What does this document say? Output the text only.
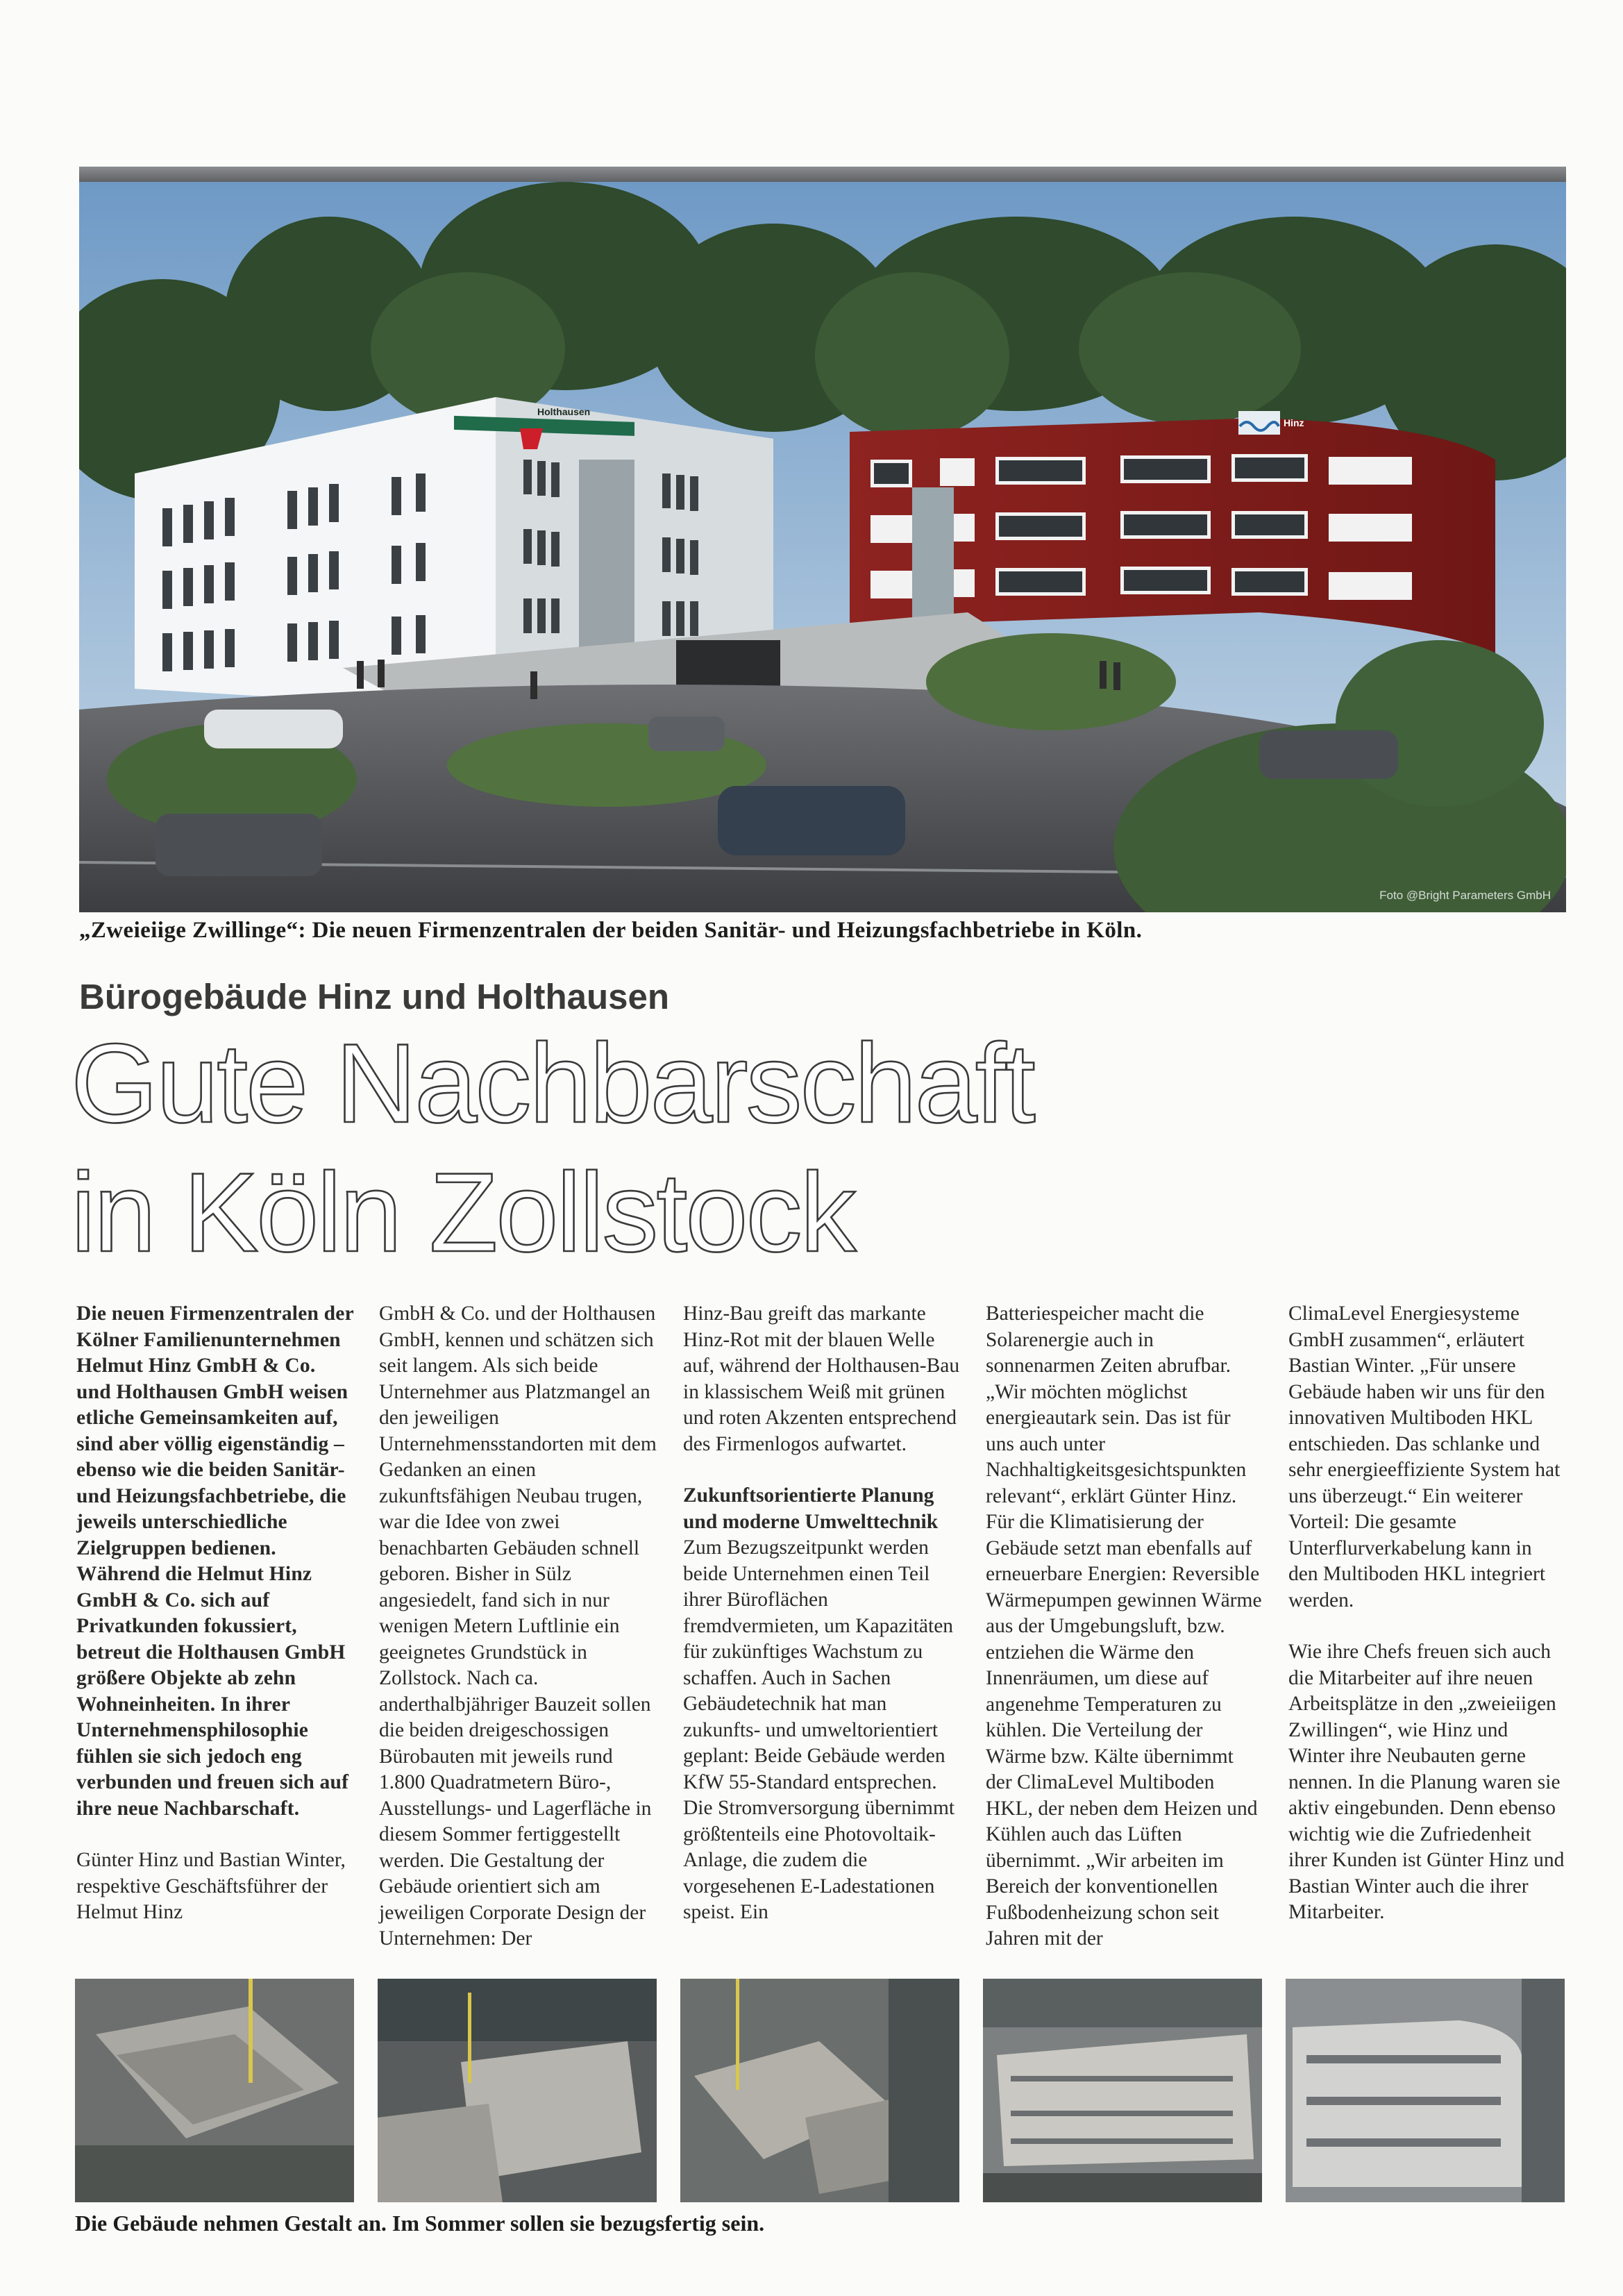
Holthausen
Hinz
Foto @Bright Parameters GmbH
„Zweieiige Zwillinge“: Die neuen Firmenzentralen der beiden Sanitär- und Heizungsfachbetriebe in Köln.
Bürogebäude Hinz und Holthausen
Gute Nachbarschaft
in Köln Zollstock

Die neuen Firmenzentralen der Kölner Familienunternehmen Helmut Hinz GmbH & Co. und Holthausen GmbH weisen etliche Gemeinsamkeiten auf, sind aber völlig eigenständig – ebenso wie die beiden Sanitär- und Heizungsfachbetriebe, die jeweils unterschiedliche Zielgruppen bedienen. Während die Helmut Hinz GmbH & Co. sich auf Privatkunden fokussiert, betreut die Holthausen GmbH größere Objekte ab zehn Wohneinheiten. In ihrer Unternehmensphilosophie fühlen sie sich jedoch eng verbunden und freuen sich auf ihre neue Nachbarschaft.

Günter Hinz und Bastian Winter, respektive Geschäftsführer der Helmut Hinz

GmbH & Co. und der Holthausen GmbH, kennen und schätzen sich seit langem. Als sich beide Unternehmer aus Platzmangel an den jeweiligen Unternehmensstandorten mit dem Gedanken an einen zukunftsfähigen Neubau trugen, war die Idee von zwei benachbarten Gebäuden schnell geboren. Bisher in Sülz angesiedelt, fand sich in nur wenigen Metern Luftlinie ein geeignetes Grundstück in Zollstock. Nach ca. anderthalbjähriger Bauzeit sollen die beiden dreigeschossigen Bürobauten mit jeweils rund 1.800 Quadratmetern Büro-, Ausstellungs- und Lagerfläche in diesem Sommer fertiggestellt werden. Die Gestaltung der Gebäude orientiert sich am jeweiligen Corporate Design der Unternehmen: Der

Hinz-Bau greift das markante Hinz-Rot mit der blauen Welle auf, während der Holthausen-Bau in klassischem Weiß mit grünen und roten Akzenten entsprechend des Firmenlogos aufwartet.

Zukunftsorientierte Planung und moderne Umwelttechnik

Zum Bezugszeitpunkt werden beide Unternehmen einen Teil ihrer Büroflächen fremdvermieten, um Kapazitäten für zukünftiges Wachstum zu schaffen. Auch in Sachen Gebäudetechnik hat man zukunfts- und umweltorientiert geplant: Beide Gebäude werden KfW 55-Standard entsprechen. Die Stromversorgung übernimmt größtenteils eine Photovoltaik-Anlage, die zudem die vorgesehenen E-Ladestationen speist. Ein

Batteriespeicher macht die Solarenergie auch in sonnenarmen Zeiten abrufbar. „Wir möchten möglichst energieautark sein. Das ist für uns auch unter Nachhaltigkeitsgesichtspunkten relevant“, erklärt Günter Hinz. Für die Klimatisierung der Gebäude setzt man ebenfalls auf erneuerbare Energien: Reversible Wärmepumpen gewinnen Wärme aus der Umgebungsluft, bzw. entziehen die Wärme den Innenräumen, um diese auf angenehme Temperaturen zu kühlen. Die Verteilung der Wärme bzw. Kälte übernimmt der ClimaLevel Multiboden HKL, der neben dem Heizen und Kühlen auch das Lüften übernimmt. „Wir arbeiten im Bereich der konventionellen Fußbodenheizung schon seit Jahren mit der

ClimaLevel Energiesysteme GmbH zusammen“, erläutert Bastian Winter. „Für unsere Gebäude haben wir uns für den innovativen Multiboden HKL entschieden. Das schlanke und sehr energieeffiziente System hat uns überzeugt.“ Ein weiterer Vorteil: Die gesamte Unterflurverkabelung kann in den Multiboden HKL integriert werden.

Wie ihre Chefs freuen sich auch die Mitarbeiter auf ihre neuen Arbeitsplätze in den „zweieiigen Zwillingen“, wie Hinz und Winter ihre Neubauten gerne nennen. In die Planung waren sie aktiv eingebunden. Denn ebenso wichtig wie die Zufriedenheit ihrer Kunden ist Günter Hinz und Bastian Winter auch die ihrer Mitarbeiter.

Die Gebäude nehmen Gestalt an. Im Sommer sollen sie bezugsfertig sein.
